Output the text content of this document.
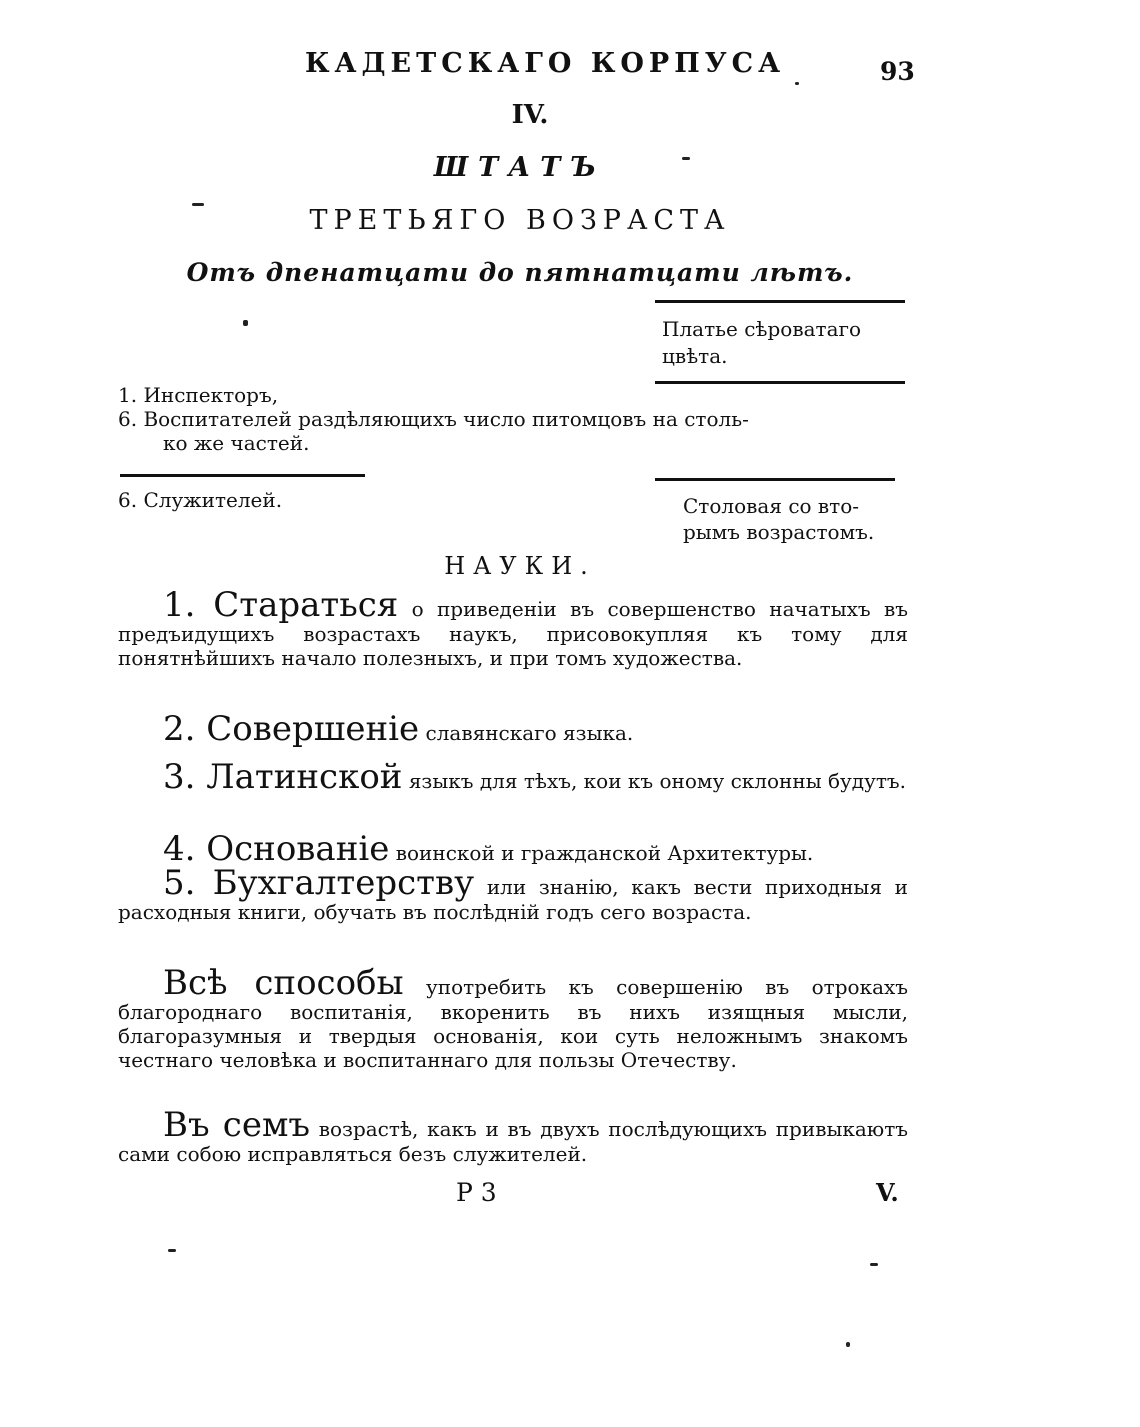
КАДЕТСКАГО КОРПУСА	93
IV.
ШТАТЪ
ТРЕТЬЯГО ВОЗРАСТА
Отъ дпенатцати до пятнатцати лѣтъ.
Платье сѣроватаго
цвѣта.
1. Инспекторъ,
6. Воспитателей раздѣляющихъ число питомцовъ на столь-
ко же частей.
6. Служителей.	Столовая со вто-
рымъ возрастомъ.
НАУКИ.
1. Стараться о приведенiи въ совершенство начатыхъ въ предъидущихъ возрастахъ наукъ, присовокупляя къ тому для понятнѣйшихъ начало полезныхъ, и при томъ художества.
2. Совершенiе славянскаго языка.
3. Латинской языкъ для тѣхъ, кои къ оному склонны будутъ.
4. Основанiе воинской и гражданской Архитектуры.
5. Бухгалтерству или знанiю, какъ вести приходныя и расходныя книги, обучать въ послѣднiй годъ сего возраста.
Всѣ способы употребить къ совершенiю въ отрокахъ благороднаго воспитанiя, вкоренить въ нихъ изящныя мысли, благоразумныя и твердыя основанiя, кои суть неложнымъ знакомъ честнаго человѣка и воспитаннаго для пользы Отечеству.
Въ семъ возрастѣ, какъ и въ двухъ послѣдующихъ привыкаютъ сами собою исправляться безъ служителей.
Р 3	V.
